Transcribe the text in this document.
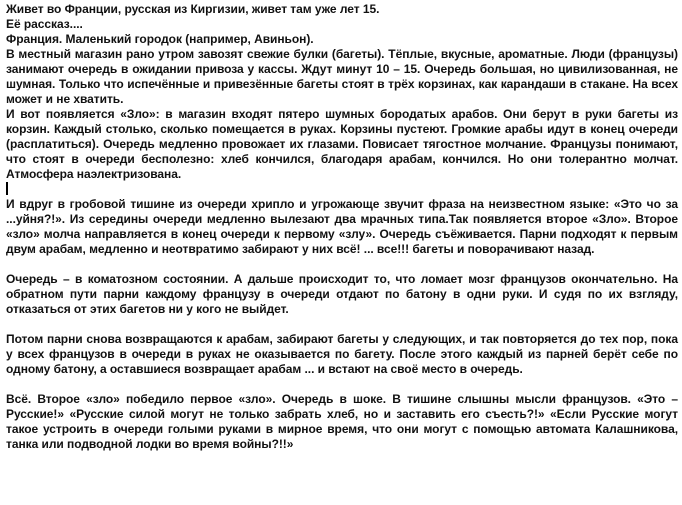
Живет во Франции, русская из Киргизии, живет там уже лет 15.

Её рассказ....

Франция. Маленький городок (например, Авиньон).

В местный магазин рано утром завозят свежие булки (багеты). Тёплые, вкусные, ароматные. Люди (французы) занимают очередь в ожидании привоза у кассы. Ждут минут 10 – 15. Очередь большая, но цивилизованная, не шумная. Только что испечённые и привезённые багеты стоят в трёх корзинах, как карандаши в стакане. На всех может и не хватить.

И вот появляется «Зло»: в магазин входят пятеро шумных бородатых арабов. Они берут в руки багеты из корзин. Каждый столько, сколько помещается в руках. Корзины пустеют. Громкие арабы идут в конец очереди (расплатиться). Очередь медленно провожает их глазами. Повисает тягостное молчание. Французы понимают, что стоят в очереди бесполезно: хлеб кончился, благодаря арабам, кончился. Но они толерантно молчат. Атмосфера наэлектризована.

И вдруг в гробовой тишине из очереди хрипло и угрожающе звучит фраза на неизвестном языке: «Это чо за ...уйня?!». Из середины очереди медленно вылезают два мрачных типа.Так появляется второе «Зло». Второе «зло» молча направляется в конец очереди к первому «злу». Очередь съёживается. Парни подходят к первым двум арабам, медленно и неотвратимо забирают у них всё! ... все!!! багеты и поворачивают назад.

Очередь – в коматозном состоянии. А дальше происходит то, что ломает мозг французов окончательно. На обратном пути парни каждому французу в очереди отдают по батону в одни руки. И судя по их взгляду, отказаться от этих багетов ни у кого не выйдет.

Потом парни снова возвращаются к арабам, забирают багеты у следующих, и так повторяется до тех пор, пока у всех французов в очереди в руках не оказывается по багету. После этого каждый из парней берёт себе по одному батону, а оставшиеся возвращает арабам ... и встают на своё место в очередь.

Всё. Второе «зло» победило первое «зло». Очередь в шоке. В тишине слышны мысли французов. «Это –Русские!» «Русские силой могут не только забрать хлеб, но и заставить его съесть?!» «Если Русские могут такое устроить в очереди голыми руками в мирное время, что они могут с помощью автомата Калашникова, танка или подводной лодки во время войны?!!»
